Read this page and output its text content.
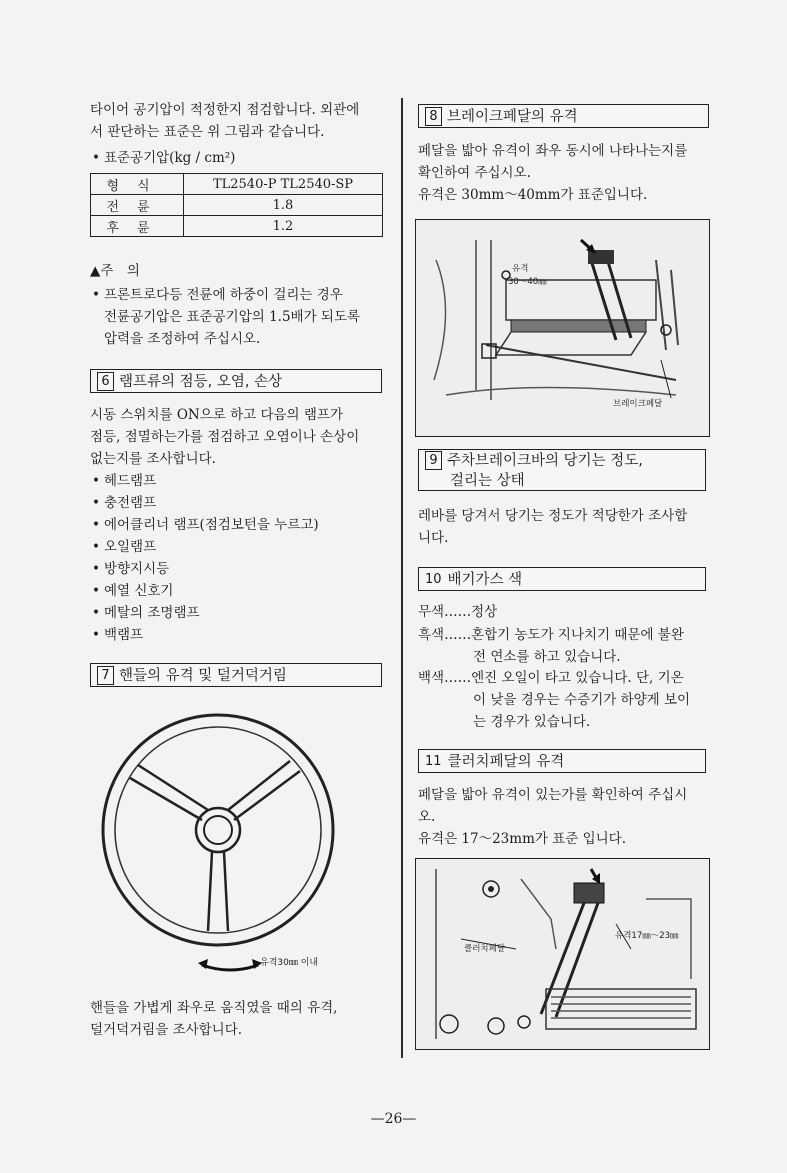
타이어 공기압이 적정한지 점검합니다. 외관에
서 판단하는 표준은 위 그림과 같습니다.
• 표준공기압(kg / cm²)
형식	TL2540-P TL2540-SP
전륜	1.8
후륜	1.2
▲주　의
• 프론트로다등 전륜에 하중이 걸리는 경우
전륜공기압은 표준공기압의 1.5배가 되도록
압력을 조정하여 주십시오.
6 램프류의 점등, 오염, 손상
시동 스위치를 ON으로 하고 다음의 램프가
점등, 점멸하는가를 점검하고 오염이나 손상이
없는지를 조사합니다.
• 헤드램프
• 충전램프
• 에어클리너 램프(점검보턴을 누르고)
• 오일램프
• 방향지시등
• 예열 신호기
• 메탈의 조명램프
• 백램프
7 핸들의 유격 및 덜거덕거림
유격30㎜ 이내
핸들을 가볍게 좌우로 움직였을 때의 유격,
덜거덕거림을 조사합니다.
8 브레이크페달의 유격
페달을 밟아 유격이 좌우 동시에 나타나는지를
확인하여 주십시오.
유격은 30mm～40mm가 표준입니다.
유격
30～40㎜
브레이크페달
9 주차브레이크바의 당기는 정도,
걸리는 상태
레바를 당겨서 당기는 정도가 적당한가 조사합
니다.
10 배기가스 색
무색……정상
흑색……혼합기 농도가 지나치기 때문에 불완
전 연소를 하고 있습니다.
백색……엔진 오일이 타고 있습니다. 단, 기온
이 낮을 경우는 수증기가 하양게 보이
는 경우가 있습니다.
11 클러치페달의 유격
페달을 밟아 유격이 있는가를 확인하여 주십시
오.
유격은 17～23mm가 표준 입니다.
유격17㎜～23㎜
클러치페달
—26—
